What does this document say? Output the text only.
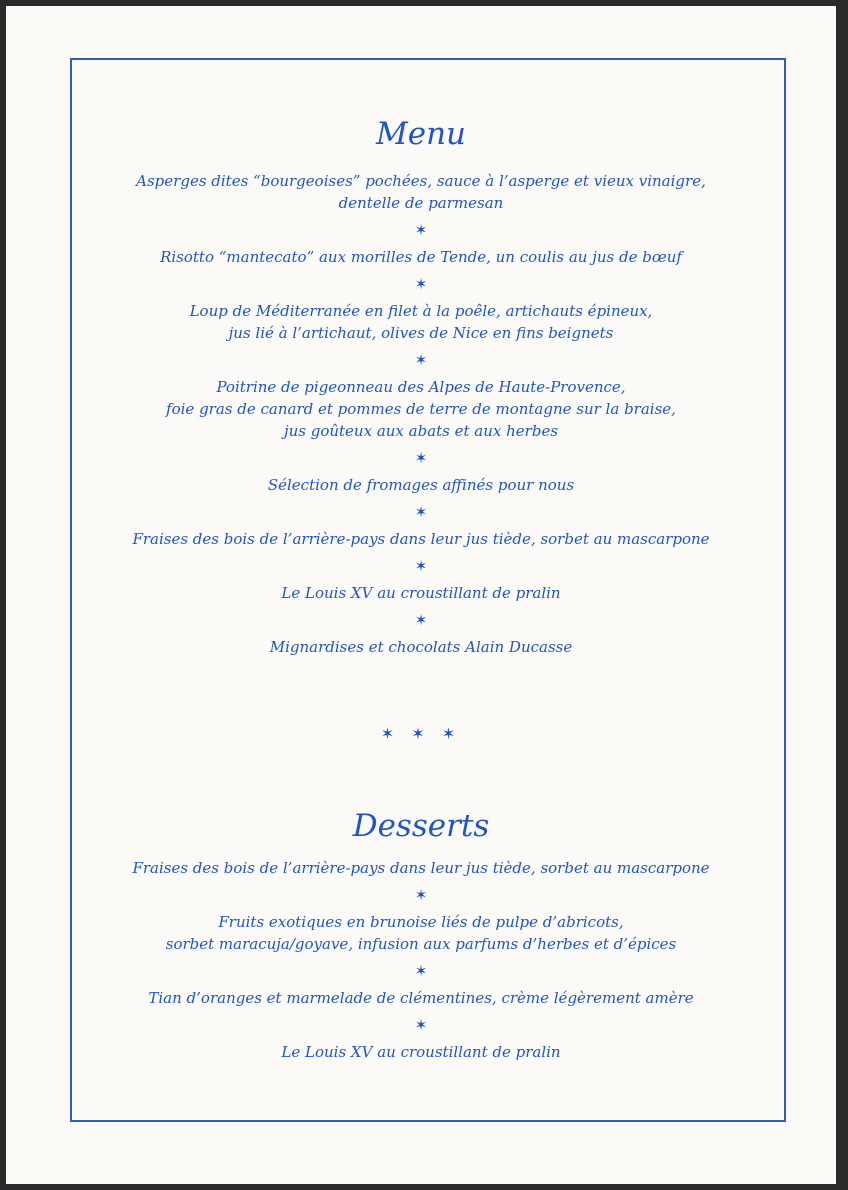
Menu
Asperges dites “bourgeoises” pochées, sauce à l’asperge et vieux vinaigre,
dentelle de parmesan
✶
Risotto “mantecato” aux morilles de Tende, un coulis au jus de bœuf
✶
Loup de Méditerranée en filet à la poêle, artichauts épineux,
jus lié à l’artichaut, olives de Nice en fins beignets
✶
Poitrine de pigeonneau des Alpes de Haute-Provence,
foie gras de canard et pommes de terre de montagne sur la braise,
jus goûteux aux abats et aux herbes
✶
Sélection de fromages affinés pour nous
✶
Fraises des bois de l’arrière-pays dans leur jus tiède, sorbet au mascarpone
✶
Le Louis XV au croustillant de pralin
✶
Mignardises et chocolats Alain Ducasse
✶ ✶ ✶
Desserts
Fraises des bois de l’arrière-pays dans leur jus tiède, sorbet au mascarpone
✶
Fruits exotiques en brunoise liés de pulpe d’abricots,
sorbet maracuja/goyave, infusion aux parfums d’herbes et d’épices
✶
Tian d’oranges et marmelade de clémentines, crème légèrement amère
✶
Le Louis XV au croustillant de pralin
